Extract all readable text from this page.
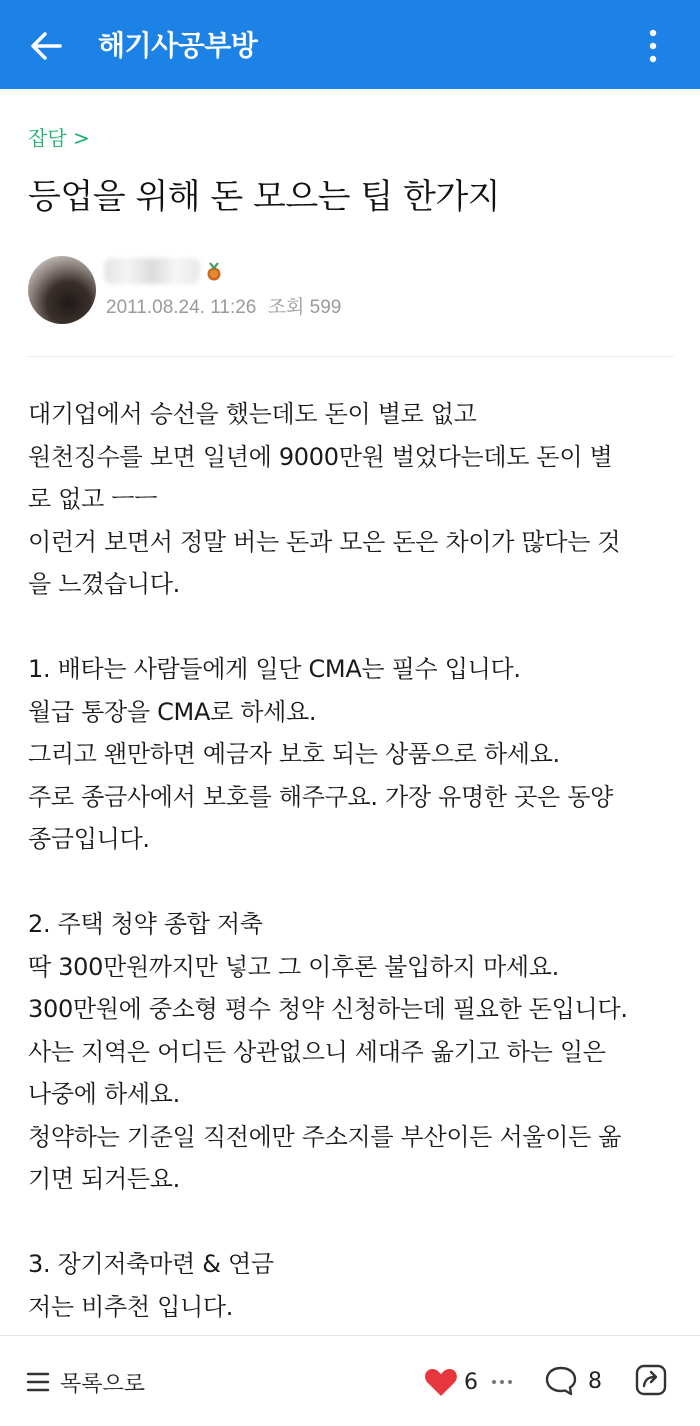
해기사공부방
잡담 >
등업을 위해 돈 모으는 팁 한가지
2011.08.24. 11:26 조회 599
대기업에서 승선을 했는데도 돈이 별로 없고
원천징수를 보면 일년에 9000만원 벌었다는데도 돈이 별
로 없고 ㅡㅡ
이런거 보면서 정말 버는 돈과 모은 돈은 차이가 많다는 것
을 느꼈습니다.
1. 배타는 사람들에게 일단 CMA는 필수 입니다.
월급 통장을 CMA로 하세요.
그리고 왠만하면 예금자 보호 되는 상품으로 하세요.
주로 종금사에서 보호를 해주구요. 가장 유명한 곳은 동양
종금입니다.
2. 주택 청약 종합 저축
딱 300만원까지만 넣고 그 이후론 불입하지 마세요.
300만원에 중소형 평수 청약 신청하는데 필요한 돈입니다.
사는 지역은 어디든 상관없으니 세대주 옮기고 하는 일은
나중에 하세요.
청약하는 기준일 직전에만 주소지를 부산이든 서울이든 옮
기면 되거든요.
3. 장기저축마련 & 연금
저는 비추천 입니다.
목록으로	6	8
